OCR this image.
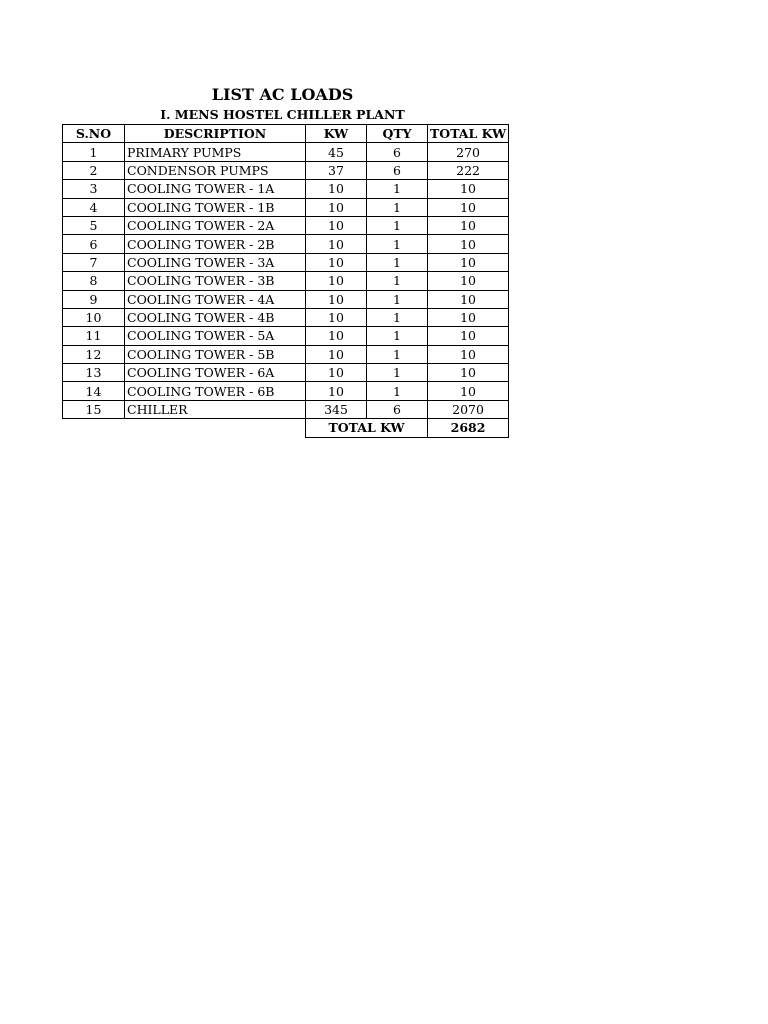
LIST AC LOADS
I. MENS HOSTEL CHILLER PLANT
S.NO	DESCRIPTION	KW	QTY	TOTAL KW
1	PRIMARY PUMPS	45	6	270
2	CONDENSOR PUMPS	37	6	222
3	COOLING TOWER - 1A	10	1	10
4	COOLING TOWER - 1B	10	1	10
5	COOLING TOWER - 2A	10	1	10
6	COOLING TOWER - 2B	10	1	10
7	COOLING TOWER - 3A	10	1	10
8	COOLING TOWER - 3B	10	1	10
9	COOLING TOWER - 4A	10	1	10
10	COOLING TOWER - 4B	10	1	10
11	COOLING TOWER - 5A	10	1	10
12	COOLING TOWER - 5B	10	1	10
13	COOLING TOWER - 6A	10	1	10
14	COOLING TOWER - 6B	10	1	10
15	CHILLER	345	6	2070
		TOTAL KW		2682
